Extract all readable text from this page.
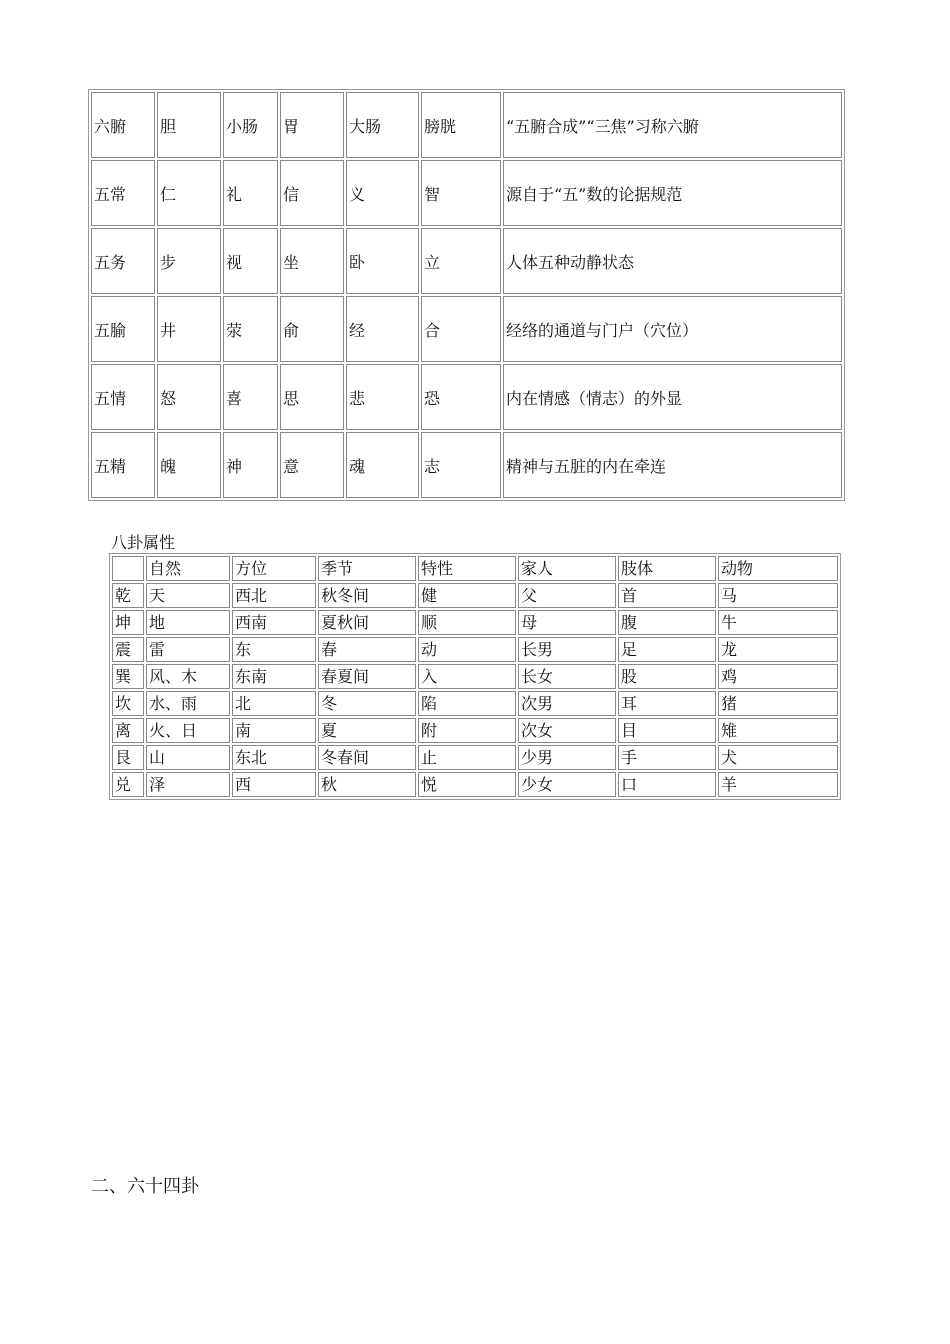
六腑	胆	小肠	胃	大肠	膀胱	“五腑合成”“三焦”习称六腑
五常	仁	礼	信	义	智	源自于“五”数的论据规范
五务	步	视	坐	卧	立	人体五种动静状态
五腧	井	荥	俞	经	合	经络的通道与门户（穴位）
五情	怒	喜	思	悲	恐	内在情感（情志）的外显
五精	魄	神	意	魂	志	精神与五脏的内在牵连
八卦属性
	自然	方位	季节	特性	家人	肢体	动物
乾	天	西北	秋冬间	健	父	首	马
坤	地	西南	夏秋间	顺	母	腹	牛
震	雷	东	春	动	长男	足	龙
巽	风、木	东南	春夏间	入	长女	股	鸡
坎	水、雨	北	冬	陷	次男	耳	猪
离	火、日	南	夏	附	次女	目	雉
艮	山	东北	冬春间	止	少男	手	犬
兑	泽	西	秋	悦	少女	口	羊
二、六十四卦
